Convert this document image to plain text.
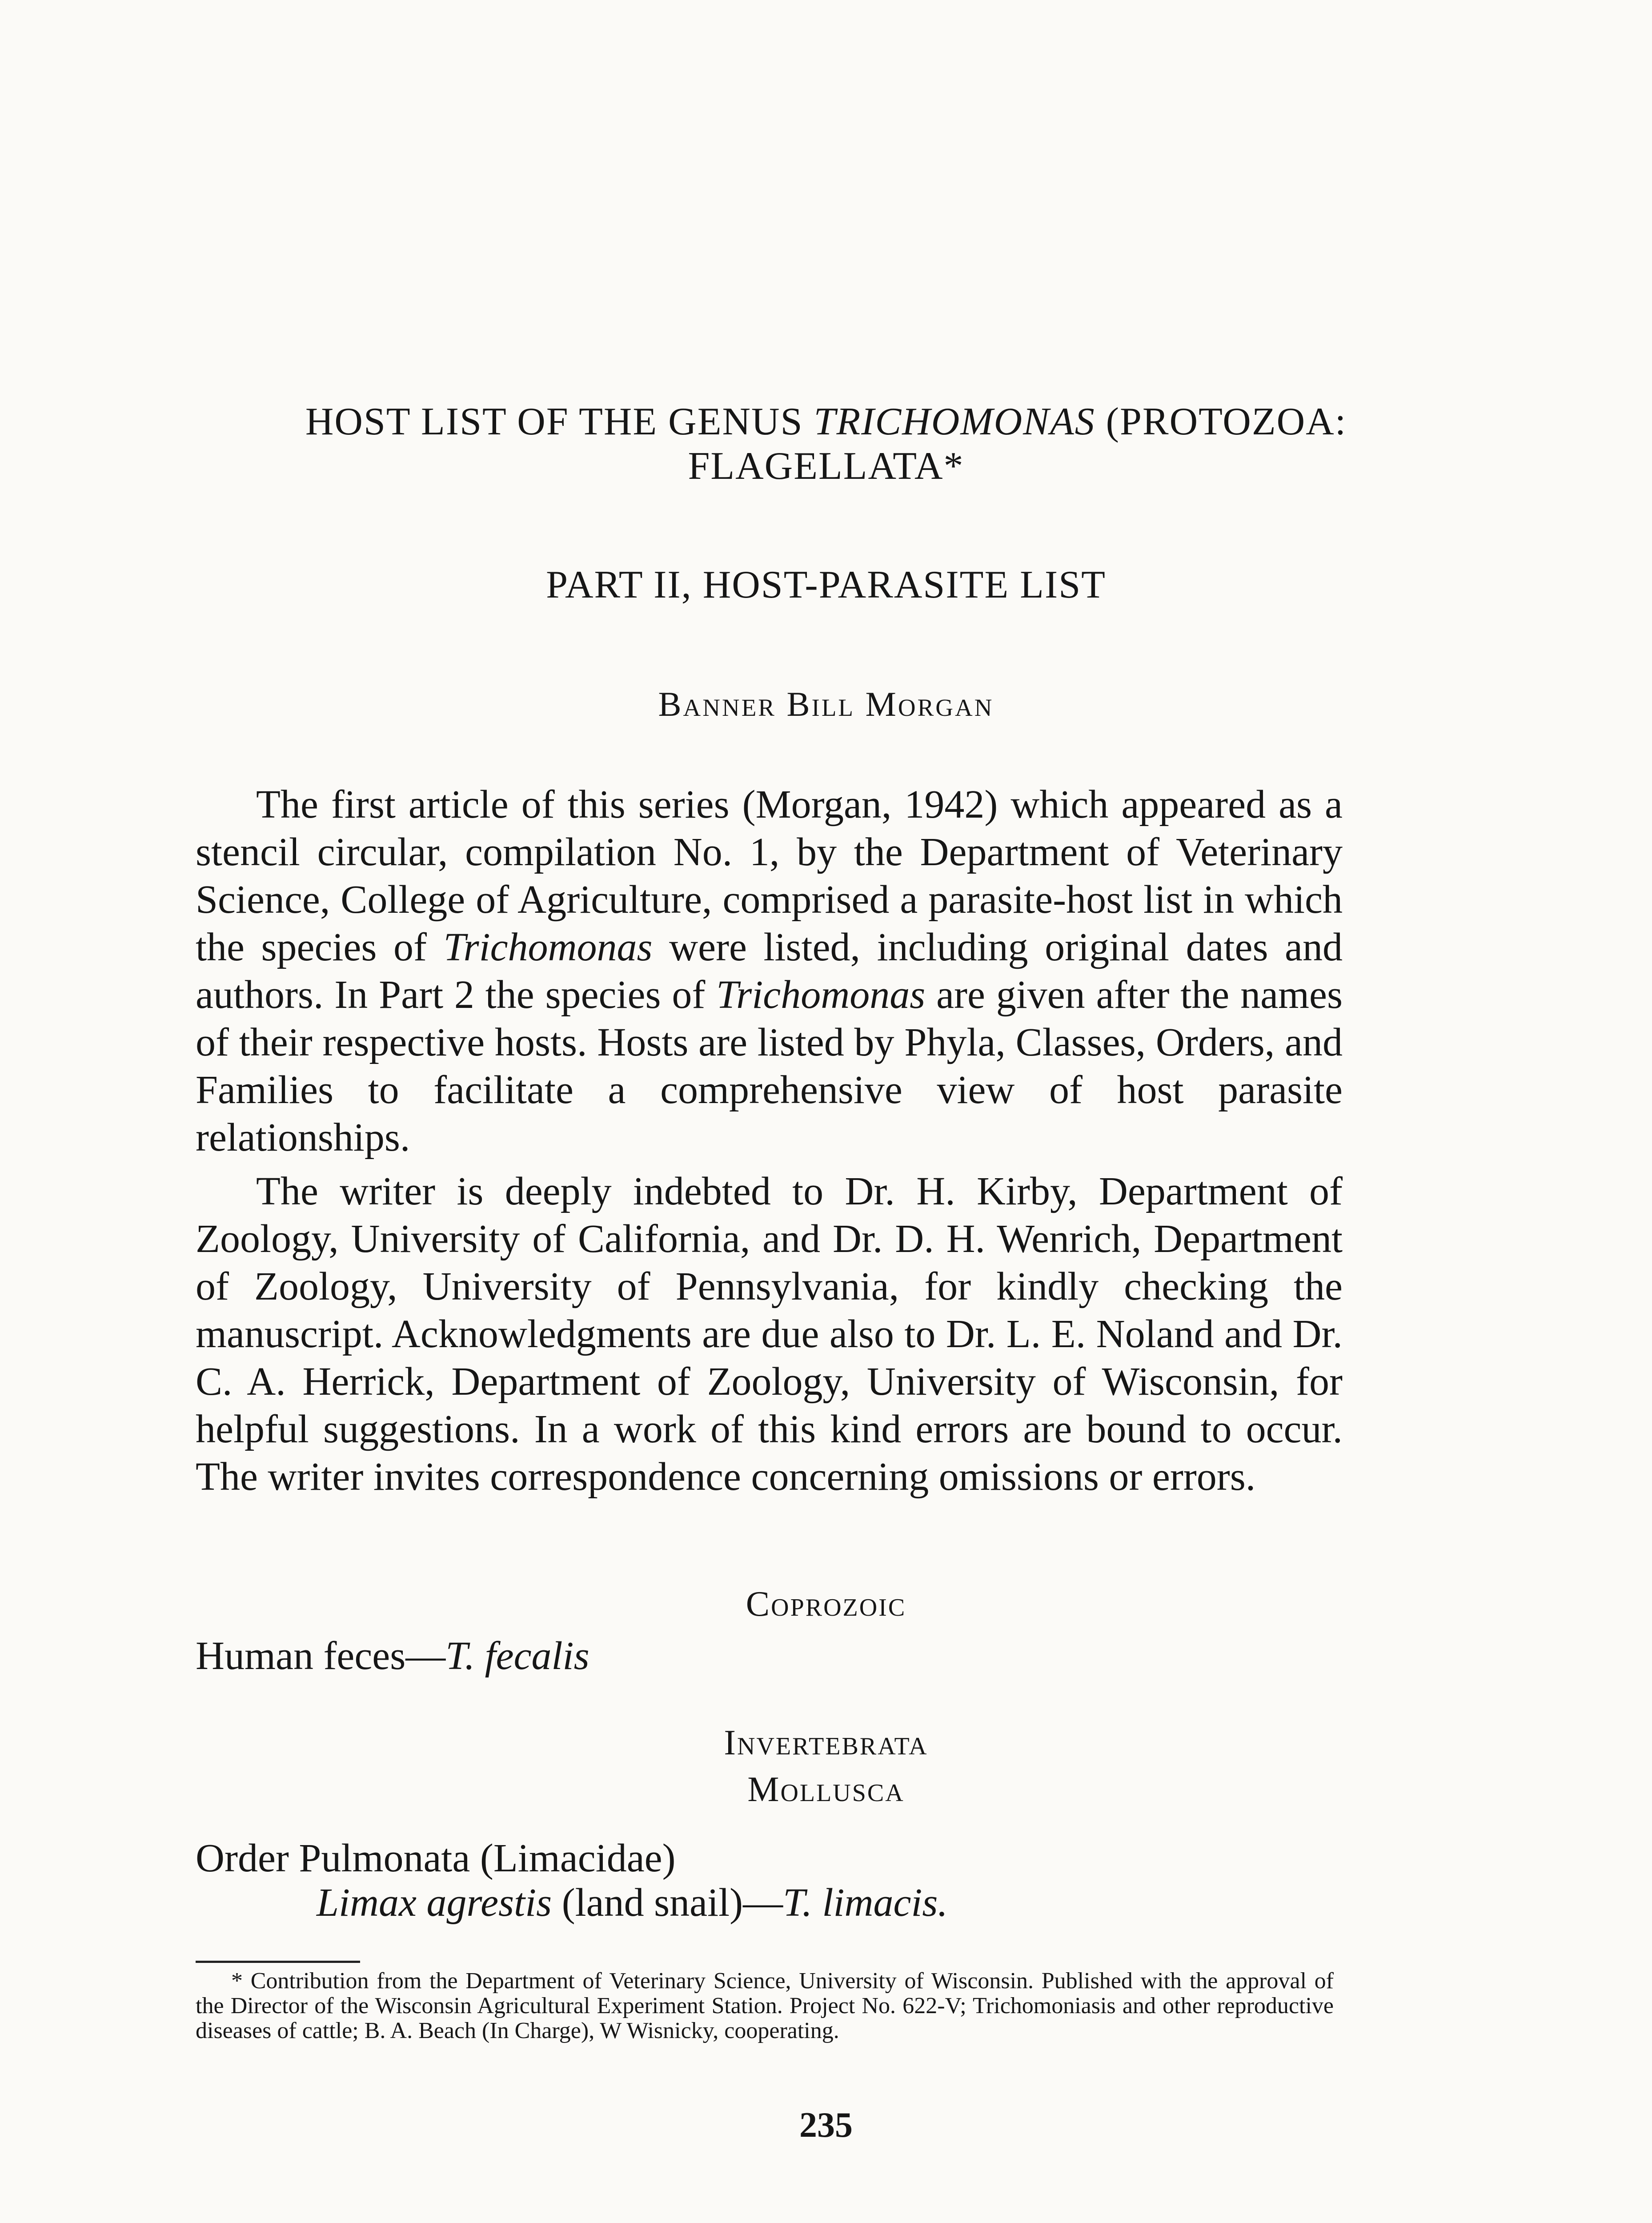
HOST LIST OF THE GENUS TRICHOMONAS (PROTOZOA:
FLAGELLATA*
PART II, HOST-PARASITE LIST
Banner Bill Morgan

The first article of this series (Morgan, 1942) which appeared as a stencil circular, compilation No. 1, by the Department of Veterinary Science, College of Agriculture, comprised a parasite-host list in which the species of Trichomonas were listed, including original dates and authors. In Part 2 the species of Trichomonas are given after the names of their respective hosts. Hosts are listed by Phyla, Classes, Orders, and Families to facilitate a comprehensive view of host parasite relationships.

The writer is deeply indebted to Dr. H. Kirby, Department of Zoology, University of California, and Dr. D. H. Wenrich, Department of Zoology, University of Pennsylvania, for kindly checking the manuscript. Acknowledgments are due also to Dr. L. E. Noland and Dr. C. A. Herrick, Department of Zoology, University of Wisconsin, for helpful suggestions. In a work of this kind errors are bound to occur. The writer invites correspondence concerning omissions or errors.

Coprozoic
Human feces—T. fecalis
Invertebrata
Mollusca
Order Pulmonata (Limacidae)
Limax agrestis (land snail)—T. limacis.

* Contribution from the Department of Veterinary Science, University of Wisconsin. Published with the approval of the Director of the Wisconsin Agricultural Experiment Station. Project No. 622-V; Trichomoniasis and other reproductive diseases of cattle; B. A. Beach (In Charge), W Wisnicky, cooperating.

235
